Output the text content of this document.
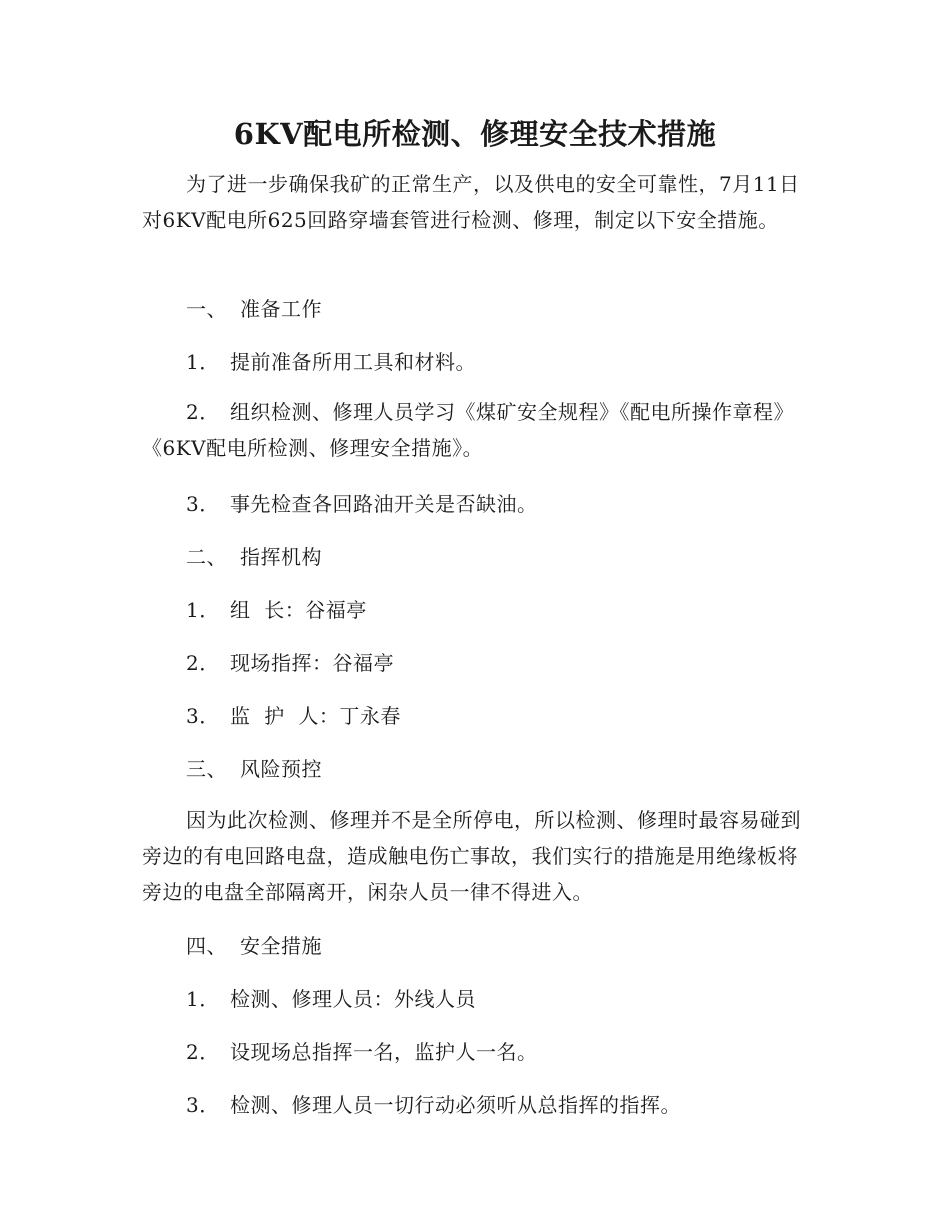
6KV配电所检测、修理安全技术措施

为了进一步确保我矿的正常生产，以及供电的安全可靠性，7月11日对6KV配电所625回路穿墙套管进行检测、修理，制定以下安全措施。

一、 准备工作
1． 提前准备所用工具和材料。

2． 组织检测、修理人员学习《煤矿安全规程》《配电所操作章程》《6KV配电所检测、修理安全措施》。

3． 事先检查各回路油开关是否缺油。
二、 指挥机构
1． 组  长：谷福亭
2． 现场指挥：谷福亭
3． 监  护  人：丁永春
三、 风险预控

因为此次检测、修理并不是全所停电，所以检测、修理时最容易碰到旁边的有电回路电盘，造成触电伤亡事故，我们实行的措施是用绝缘板将旁边的电盘全部隔离开，闲杂人员一律不得进入。

四、 安全措施
1． 检测、修理人员：外线人员
2． 设现场总指挥一名，监护人一名。
3． 检测、修理人员一切行动必须听从总指挥的指挥。
